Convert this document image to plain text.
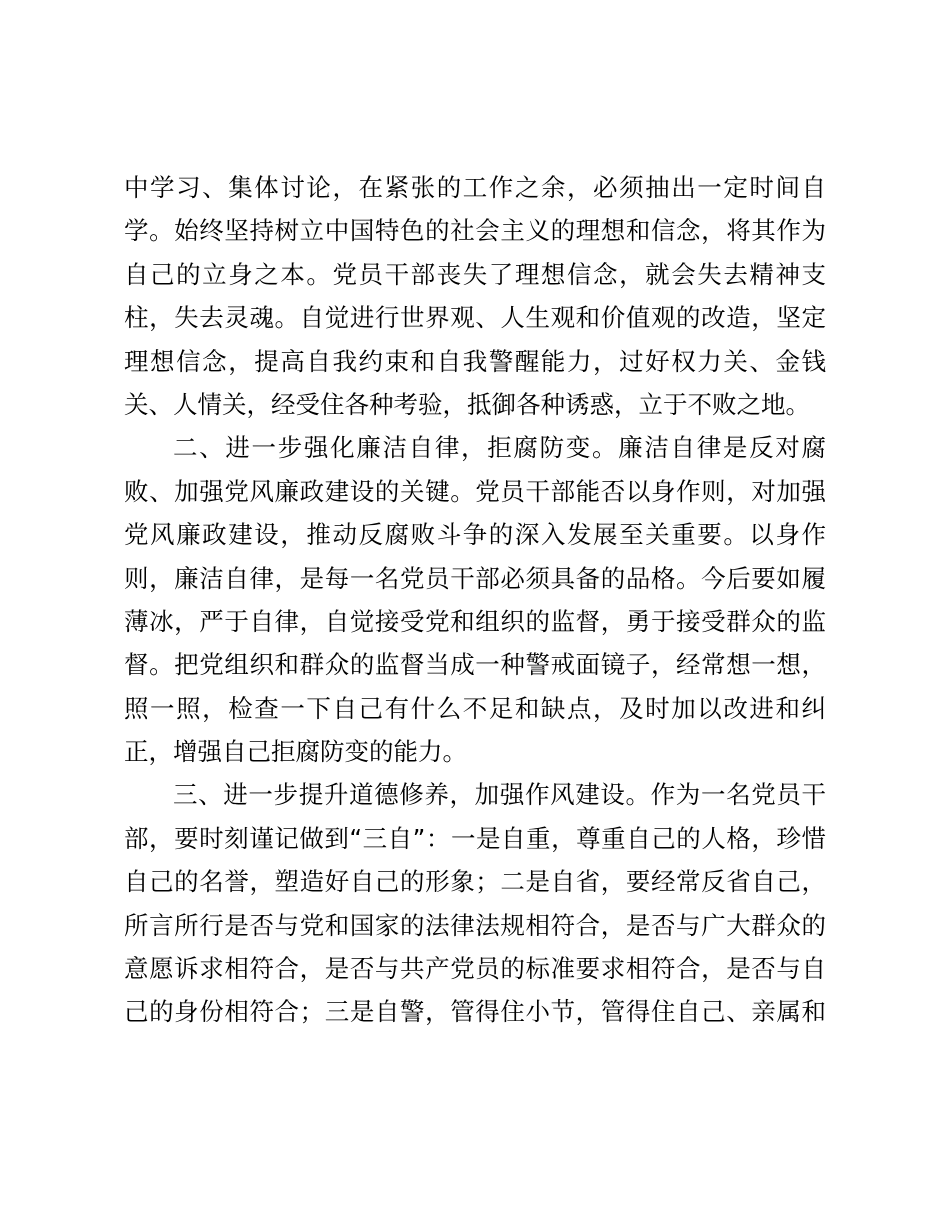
中学习、集体讨论，在紧张的工作之余，必须抽出一定时间自
学。始终坚持树立中国特色的社会主义的理想和信念，将其作为
自己的立身之本。党员干部丧失了理想信念，就会失去精神支
柱，失去灵魂。自觉进行世界观、人生观和价值观的改造，坚定
理想信念，提高自我约束和自我警醒能力，过好权力关、金钱
关、人情关，经受住各种考验，抵御各种诱惑，立于不败之地。
二、进一步强化廉洁自律，拒腐防变。廉洁自律是反对腐
败、加强党风廉政建设的关键。党员干部能否以身作则，对加强
党风廉政建设，推动反腐败斗争的深入发展至关重要。以身作
则，廉洁自律，是每一名党员干部必须具备的品格。今后要如履
薄冰，严于自律，自觉接受党和组织的监督，勇于接受群众的监
督。把党组织和群众的监督当成一种警戒面镜子，经常想一想，
照一照，检查一下自己有什么不足和缺点，及时加以改进和纠
正，增强自己拒腐防变的能力。
三、进一步提升道德修养，加强作风建设。作为一名党员干
部，要时刻谨记做到“三自”：一是自重，尊重自己的人格，珍惜
自己的名誉，塑造好自己的形象；二是自省，要经常反省自己，
所言所行是否与党和国家的法律法规相符合，是否与广大群众的
意愿诉求相符合，是否与共产党员的标准要求相符合，是否与自
己的身份相符合；三是自警，管得住小节，管得住自己、亲属和
